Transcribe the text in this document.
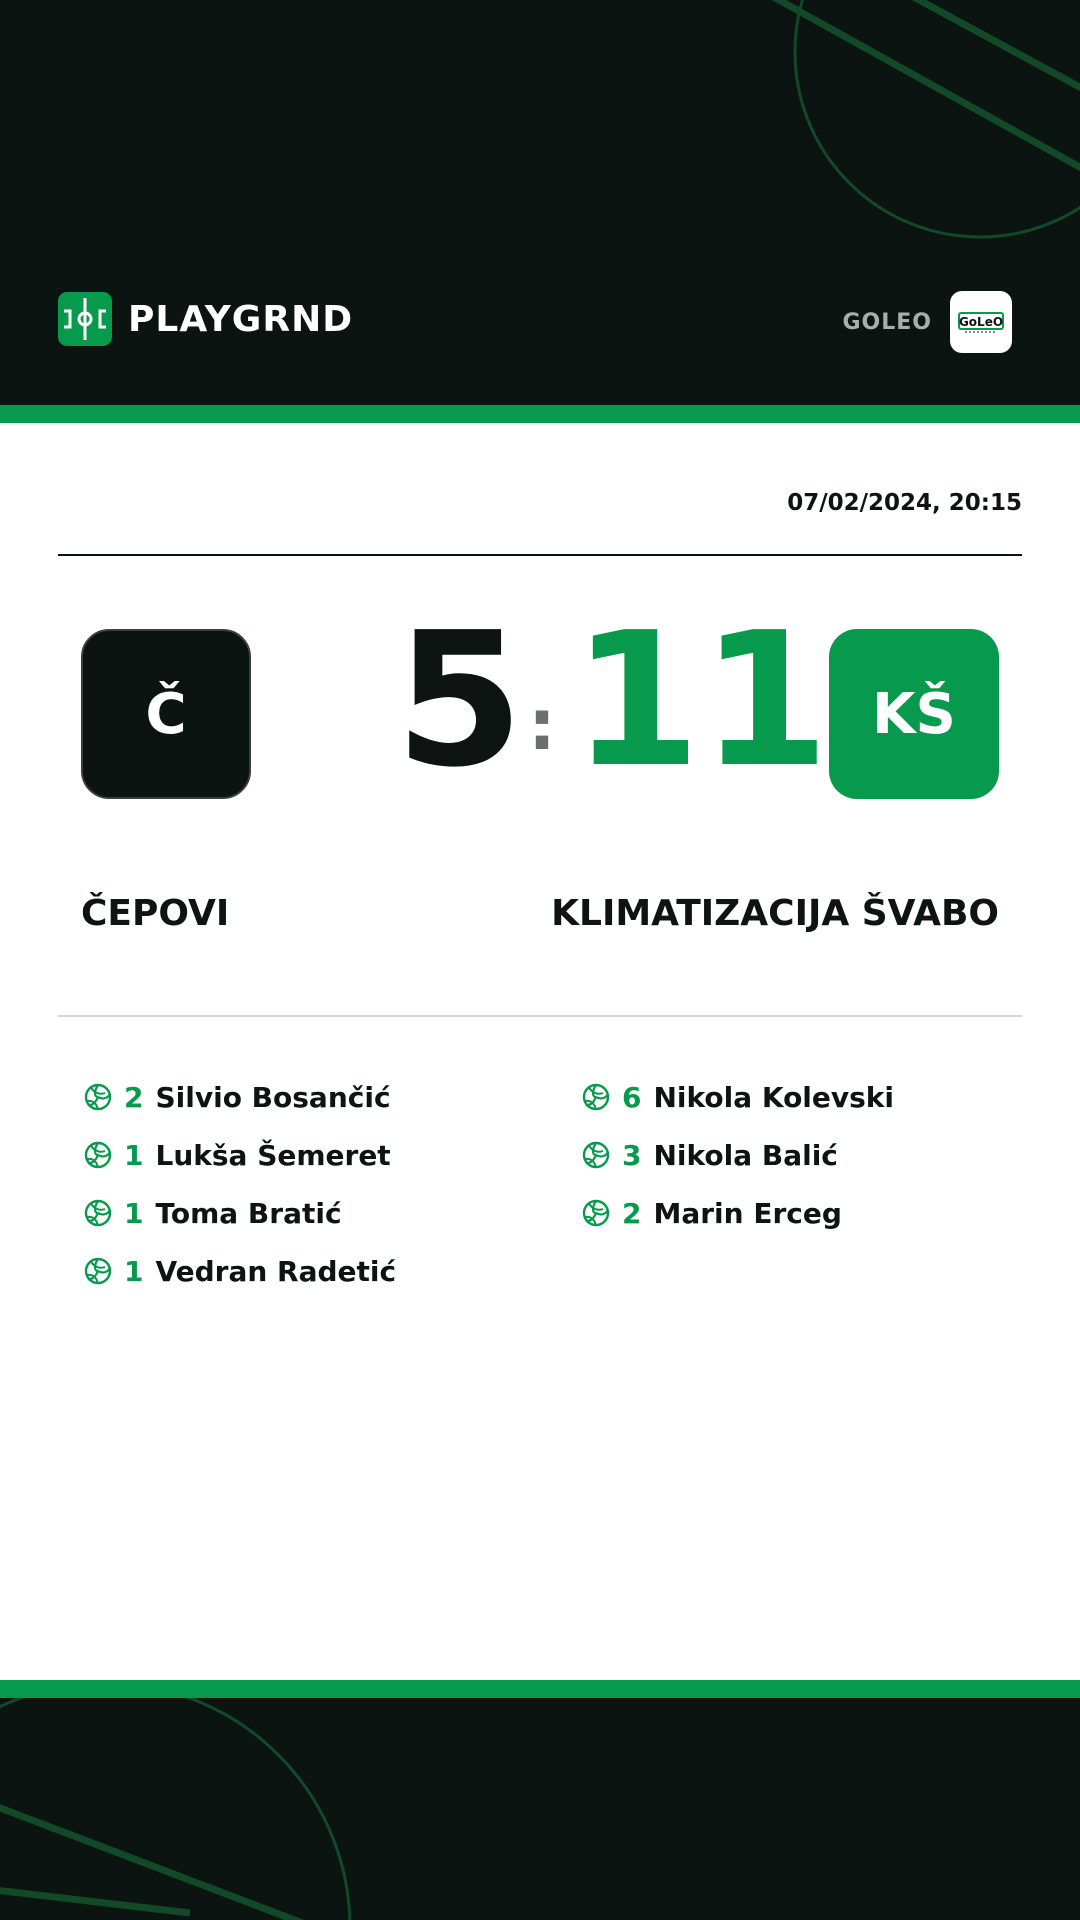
PLAYGRND	GOLEO GoLeO
07/02/2024, 20:15
Č	5 : 11 KŠ
ČEPOVI	KLIMATIZACIJA ŠVABO
2 Silvio Bosančić
1 Lukša Šemeret
1 Toma Bratić
1 Vedran Radetić
6 Nikola Kolevski
3 Nikola Balić
2 Marin Erceg
